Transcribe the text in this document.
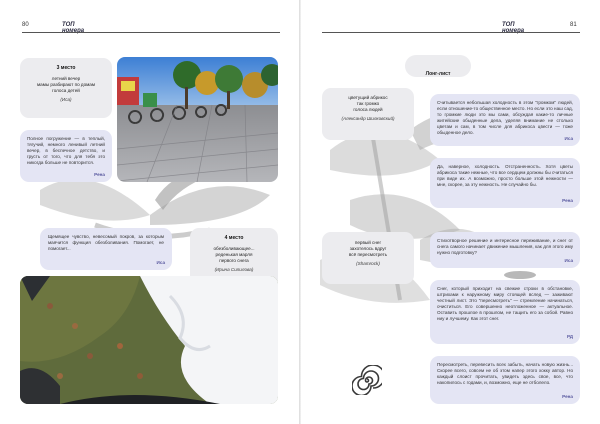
80	ТОП номера
3 место
летний вечер
мамы разбирают по домам
голоса детей
(Иса)
Полное погружение — в теплый, тягучий, немного ленивый летний вечер, в беспечное детство, и грусть от того, что для тебя это никогда больше не повторится.
Рена
Щемящее чувство, невесомый покров, за которым маячится функция обезболивания. Помогает, не помогает...
Иса
4 место
обезболивающее...
реденькая марля
первого снега
(Ирина Сипилова)
ТОП номера
81
Лонг-лист
цветущий абрикос
так громко
голоса людей
(Александр Шилковский)
Считывается небольшая холодность в этом "громком" людей, если отношение-то общественное место. Но если это наш сад, то громкие люди это мы сами, обсуждая какие-то личные житейские обыденные дела, уделяя внимание не столько цветам и сам, в том числе для абрикоса цвести — тоже обыденное дело.
Иса
Да, наверное, холодность. Отстраненность. Хотя цветы абрикоса такие нежные, что все сердцем должны бы считаться при виде их. А возможно, просто больше этой нежности — мне, скорее, за эту нежность. Не случайно бы.
Рена
первый снег
захотелось вдруг
всё пересмотреть
(Shamrock)
Стихотворное решение и интересное переживание, и снег от снега самого начинает движение мышления, как для этого иму нужно подготовку?
Иса
Снег, который приходит на свежие строки в обстановке, штрихами к наружному миру стоящей вслед — заживают честный лист. Это "пересмотреть" — стремление начинаться, очиститься. Его совершенно неотложенное — актуальное. Оставить прошлое в прошлом, не тащить его за собой. Равно ниу и лучшему. Как этот снег.
РД
Пересмотреть, перевесить всех забыть, начать новую жизнь... Скорее всего, совсем не об этом напер этого хокку автор. Но каждый слоист прочитать, увидеть здесь свое, все, что накопилось с годами, и, возможно, еще не отболело.
Рена
